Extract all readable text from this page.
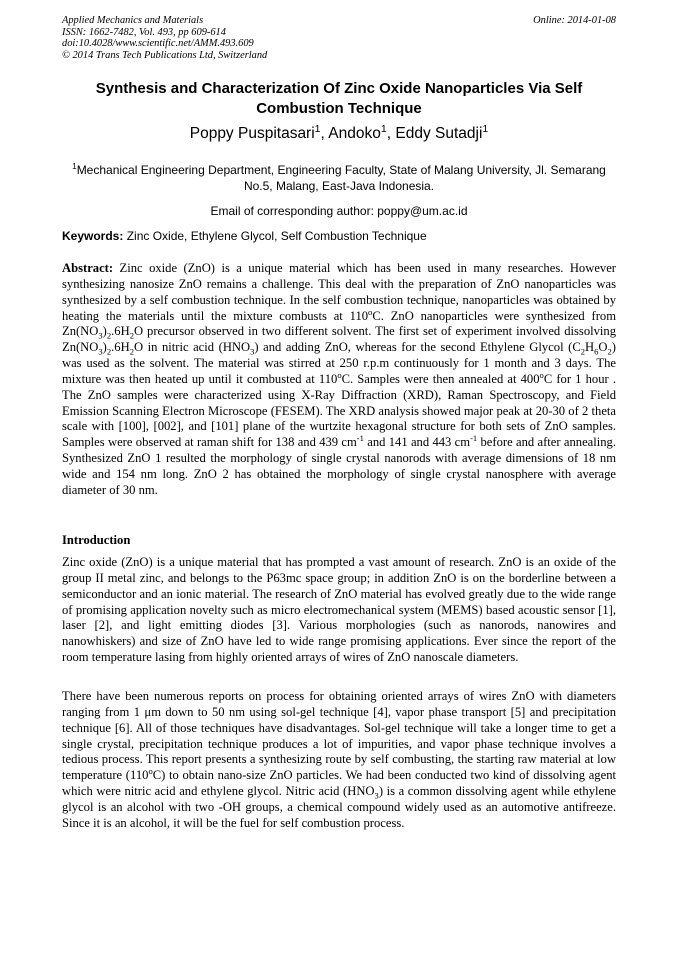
Applied Mechanics and Materials
ISSN: 1662-7482, Vol. 493, pp 609-614
doi:10.4028/www.scientific.net/AMM.493.609
© 2014 Trans Tech Publications Ltd, Switzerland
Online: 2014-01-08
Synthesis and Characterization Of Zinc Oxide Nanoparticles Via Self Combustion Technique
Poppy Puspitasari$^1$, Andoko$^1$, Eddy Sutadji$^1$
$^1$Mechanical Engineering Department, Engineering Faculty, State of Malang University, Jl. Semarang No.5, Malang, East-Java Indonesia.
Email of corresponding author: poppy@um.ac.id
Keywords: Zinc Oxide, Ethylene Glycol, Self Combustion Technique
Abstract: Zinc oxide (ZnO) is a unique material which has been used in many researches. However synthesizing nanosize ZnO remains a challenge. This deal with the preparation of ZnO nanoparticles was synthesized by a self combustion technique. In the self combustion technique, nanoparticles was obtained by heating the materials until the mixture combusts at 110$^o$C. ZnO nanoparticles were synthesized from $Zn(NO_3)_2.6H_2O$ precursor observed in two different solvent. The first set of experiment involved dissolving $Zn(NO_3)_2.6H_2O$ in nitric acid $(HNO_3)$ and adding ZnO, whereas for the second Ethylene Glycol $(C_2H_6O_2)$ was used as the solvent. The material was stirred at 250 r.p.m continuously for 1 month and 3 days. The mixture was then heated up until it combusted at 110$^o$C. Samples were then annealed at 400$^o$C for 1 hour . The ZnO samples were characterized using X-Ray Diffraction (XRD), Raman Spectroscopy, and Field Emission Scanning Electron Microscope (FESEM). The XRD analysis showed major peak at 20-30 of 2 theta scale with [100], [002], and [101] plane of the wurtzite hexagonal structure for both sets of ZnO samples. Samples were observed at raman shift for 138 and 439 $cm^{-1}$ and 141 and 443 $cm^{-1}$ before and after annealing. Synthesized ZnO 1 resulted the morphology of single crystal nanorods with average dimensions of 18 nm wide and 154 nm long. ZnO 2 has obtained the morphology of single crystal nanosphere with average diameter of 30 nm.
Introduction
Zinc oxide (ZnO) is a unique material that has prompted a vast amount of research. ZnO is an oxide of the group II metal zinc, and belongs to the P63mc space group; in addition ZnO is on the borderline between a semiconductor and an ionic material. The research of ZnO material has evolved greatly due to the wide range of promising application novelty such as micro electromechanical system (MEMS) based acoustic sensor [1], laser [2], and light emitting diodes [3]. Various morphologies (such as nanorods, nanowires and nanowhiskers) and size of ZnO have led to wide range promising applications. Ever since the report of the room temperature lasing from highly oriented arrays of wires of ZnO nanoscale diameters.
There have been numerous reports on process for obtaining oriented arrays of wires ZnO with diameters ranging from 1 μm down to 50 nm using sol-gel technique [4], vapor phase transport [5] and precipitation technique [6]. All of those techniques have disadvantages. Sol-gel technique will take a longer time to get a single crystal, precipitation technique produces a lot of impurities, and vapor phase technique involves a tedious process. This report presents a synthesizing route by self combusting, the starting raw material at low temperature (110$^o$C) to obtain nano-size ZnO particles. We had been conducted two kind of dissolving agent which were nitric acid and ethylene glycol. Nitric acid $(HNO_3)$ is a common dissolving agent while ethylene glycol is an alcohol with two -OH groups, a chemical compound widely used as an automotive antifreeze. Since it is an alcohol, it will be the fuel for self combustion process.
